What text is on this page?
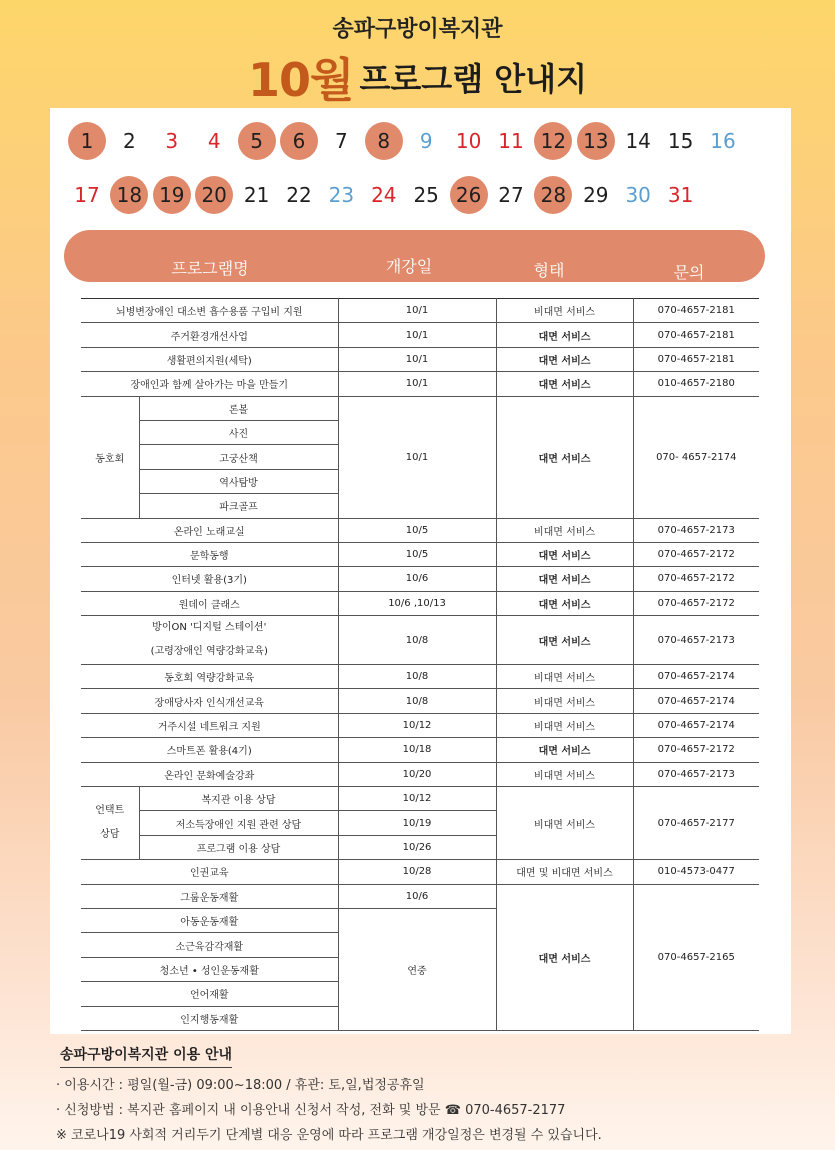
송파구방이복지관
10월 프로그램 안내지
1	2	3	4	5	6	7	8	9	10 11 12 13 14 15 16
17 18 19 20 21 22 23 24 25 26 27 28 29 30 31
프로그램명	개강일	형태	문의
뇌병변장애인 대소변 흡수용품 구입비 지원		10/1	비대면 서비스	070-4657-2181
주거환경개선사업		10/1	대면 서비스	070-4657-2181
생활편의지원(세탁)		10/1	대면 서비스	070-4657-2181
장애인과 함께 살아가는 마을 만들기		10/1	대면 서비스	010-4657-2180
동호회	론볼	10/1	대면 서비스	070- 4657-2174
	사진			
	고궁산책			
	역사탐방			
	파크골프			
온라인 노래교실		10/5	비대면 서비스	070-4657-2173
문학동행		10/5	대면 서비스	070-4657-2172
인터넷 활용(3기)		10/6	대면 서비스	070-4657-2172
원데이 클래스		10/6 ,10/13	대면 서비스	070-4657-2172

방이ON '디지털 스테이션'
(고령장애인 역량강화교육)		10/8	대면 서비스	070-4657-2173
동호회 역량강화교육		10/8	비대면 서비스	070-4657-2174
장애당사자 인식개선교육		10/8	비대면 서비스	070-4657-2174
거주시설 네트워크 지원		10/12	비대면 서비스	070-4657-2174
스마트폰 활용(4기)		10/18	대면 서비스	070-4657-2172
온라인 문화예술강좌		10/20	비대면 서비스	070-4657-2173

언택트
상담	복지관 이용 상담	10/12	비대면 서비스	070-4657-2177
	저소득장애인 지원 관련 상담	10/19		
	프로그램 이용 상담	10/26		
인권교육		10/28	대면 및 비대면 서비스	010-4573-0477
그룹운동재활		10/6	대면 서비스	070-4657-2165
아동운동재활		연중		
소근육감각재활				
청소년 • 성인운동재활				
언어재활				
인지행동재활				
송파구방이복지관 이용 안내
· 이용시간 : 평일(월-금) 09:00~18:00 / 휴관: 토,일,법정공휴일
· 신청방법 : 복지관 홈페이지 내 이용안내 신청서 작성, 전화 및 방문 ☎ 070-4657-2177
※ 코로나19 사회적 거리두기 단계별 대응 운영에 따라 프로그램 개강일정은 변경될 수 있습니다.
